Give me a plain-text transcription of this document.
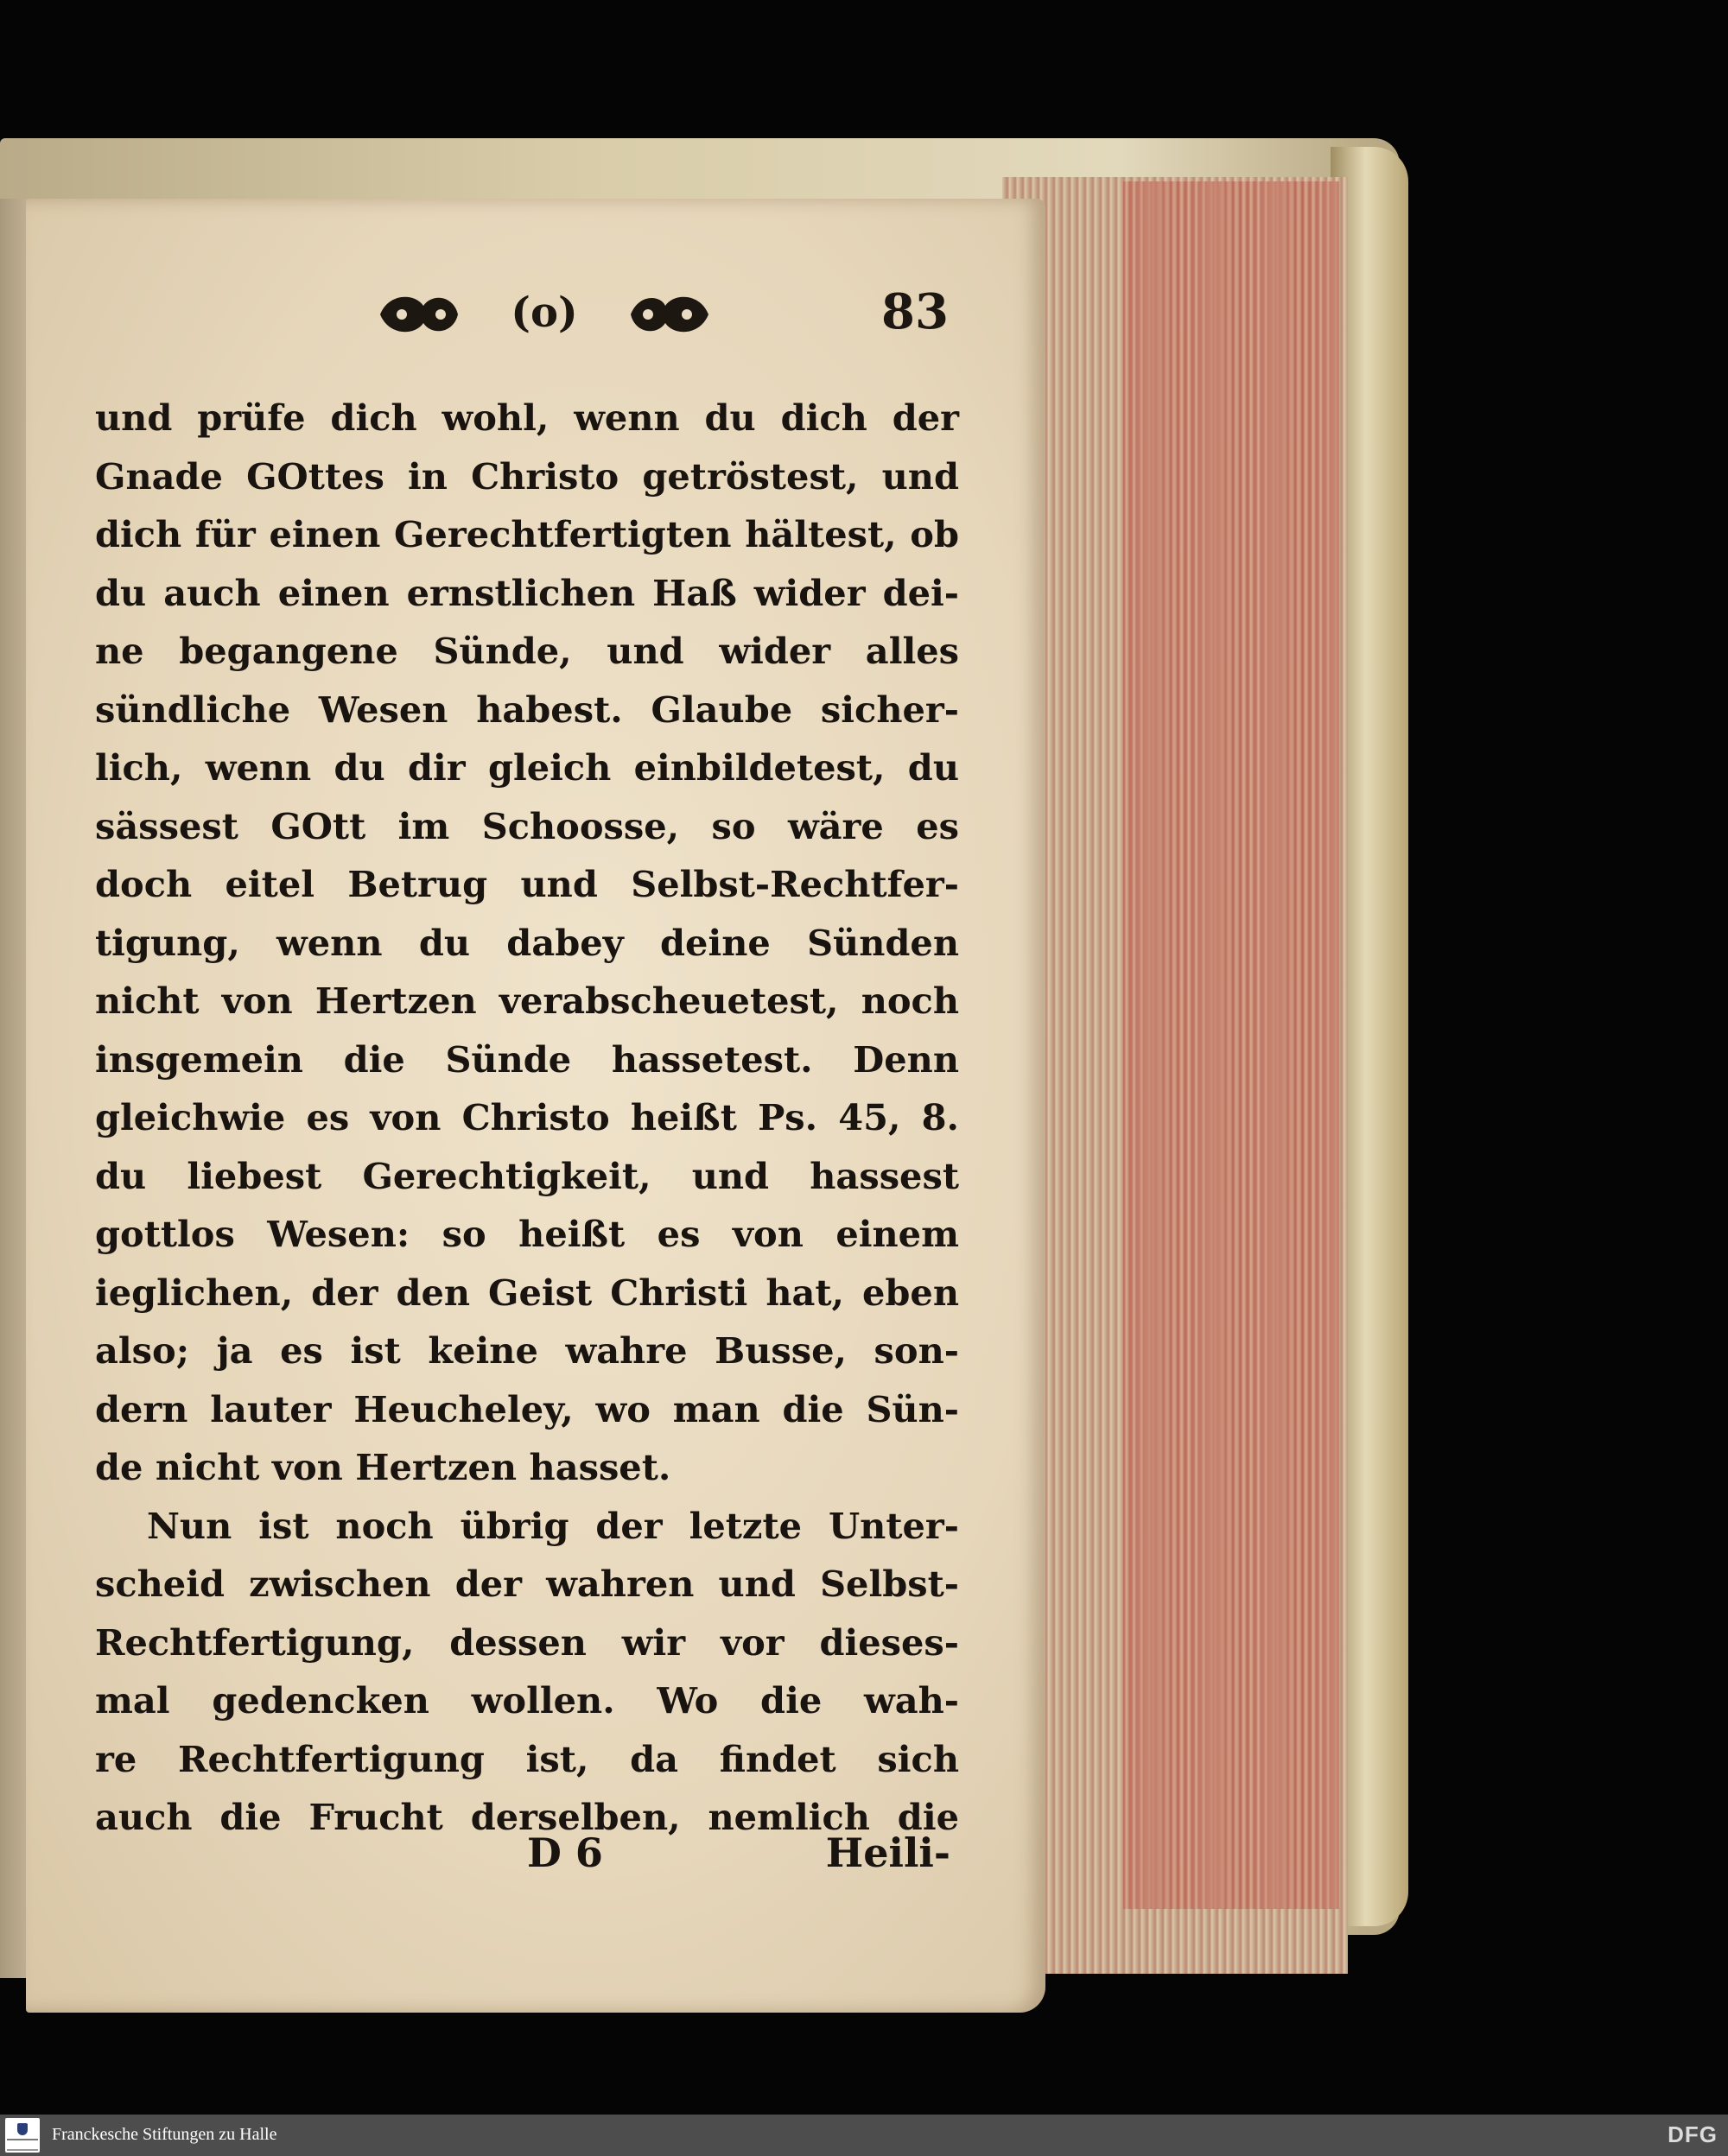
(o)	83
und prüfe dich wohl, wenn du dich der
Gnade GOttes in Christo getröstest, und
dich für einen Gerechtfertigten hältest, ob
du auch einen ernstlichen Haß wider dei-
ne begangene Sünde, und wider alles
sündliche Wesen habest. Glaube sicher-
lich, wenn du dir gleich einbildetest, du
sässest GOtt im Schoosse, so wäre es
doch eitel Betrug und Selbst-Rechtfer-
tigung, wenn du dabey deine Sünden
nicht von Hertzen verabscheuetest, noch
insgemein die Sünde hassetest. Denn
gleichwie es von Christo heißt Ps. 45, 8.
du liebest Gerechtigkeit, und hassest
gottlos Wesen: so heißt es von einem
ieglichen, der den Geist Christi hat, eben
also; ja es ist keine wahre Busse, son-
dern lauter Heucheley, wo man die Sün-
de nicht von Hertzen hasset.
Nun ist noch übrig der letzte Unter-
scheid zwischen der wahren und Selbst-
Rechtfertigung, dessen wir vor dieses-
mal gedencken wollen. Wo die wah-
re Rechtfertigung ist, da findet sich
auch die Frucht derselben, nemlich die
D 6	Heili-
Franckesche Stiftungen zu Halle	DFG
